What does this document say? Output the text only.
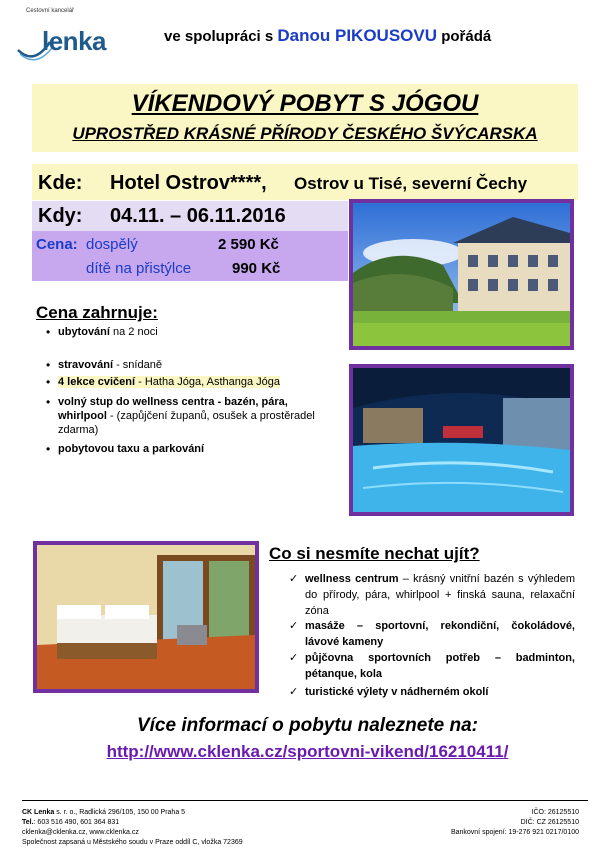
Cestovní kancelář
lenka	ve spolupráci s Danou PIKOUSOVU pořádá
VÍKENDOVÝ POBYT S JÓGOU
UPROSTŘED KRÁSNÉ PŘÍRODY ČESKÉHO ŠVÝCARSKA
Kde: Hotel Ostrov****, Ostrov u Tisé, severní Čechy
Kdy: 04.11. – 06.11.2016
Cena: dospělý	2 590 Kč
dítě na přistýlce	990 Kč
Cena zahrnuje:
• ubytování na 2 noci
• stravování - snídaně
• 4 lekce cvičení - Hatha Jóga, Asthanga Jóga
• volný stup do wellness centra - bazén, pára, whirlpool - (zapůjčení županů, osušek a prostěradel zdarma)
• pobytovou taxu a parkování
Co si nesmíte nechat ujít?
✓ wellness centrum – krásný vnitřní bazén s výhledem do přírody, pára, whirlpool + finská sauna, relaxační zóna
✓ masáže – sportovní, rekondiční, čokoládové, lávové kameny
✓ půjčovna sportovních potřeb – badminton, pétanque, kola
✓ turistické výlety v nádherném okolí
Více informací o pobytu naleznete na:
http://www.cklenka.cz/sportovni-vikend/16210411/
CK Lenka s. r. o., Radlická 296/105, 150 00 Praha 5
Tel.: 603 516 490, 601 364 831
cklenka@cklenka.cz, www.cklenka.cz
Společnost zapsaná u Městského soudu v Praze oddíl C, vložka 72369
IČO: 26125510
DIČ: CZ 26125510
Bankovní spojení: 19-276 921 0217/0100
